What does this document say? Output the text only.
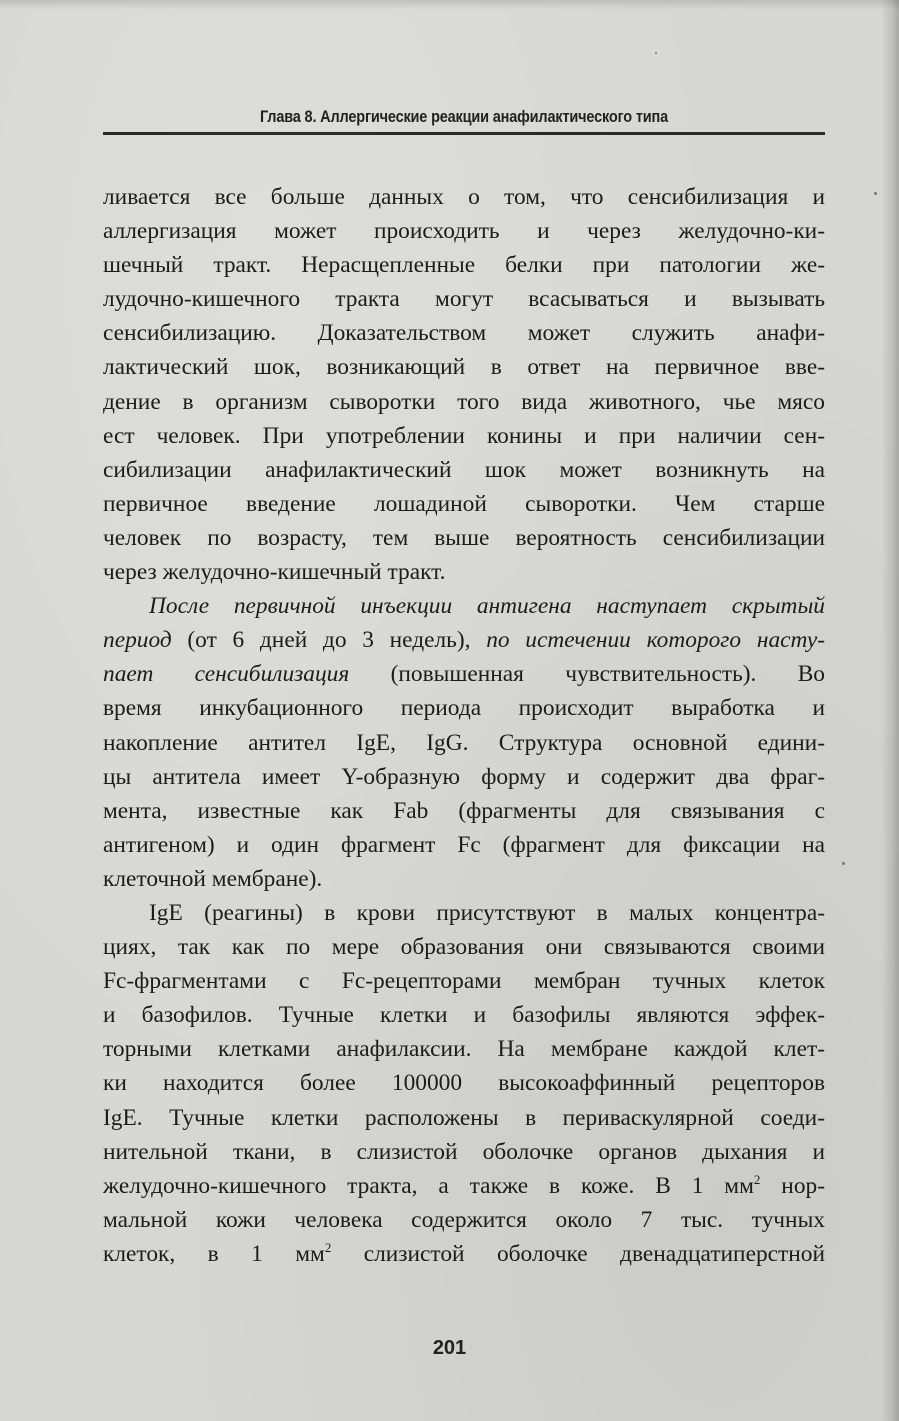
Глава 8. Аллергические реакции анафилактического типа
ливается все больше данных о том, что сенсибилизация и
аллергизация может происходить и через желудочно-ки-
шечный тракт. Нерасщепленные белки при патологии же-
лудочно-кишечного тракта могут всасываться и вызывать
сенсибилизацию. Доказательством может служить анафи-
лактический шок, возникающий в ответ на первичное вве-
дение в организм сыворотки того вида животного, чье мясо
ест человек. При употреблении конины и при наличии сен-
сибилизации анафилактический шок может возникнуть на
первичное введение лошадиной сыворотки. Чем старше
человек по возрасту, тем выше вероятность сенсибилизации
через желудочно-кишечный тракт.
После первичной инъекции антигена наступает скрытый
период (от 6 дней до 3 недель), по истечении которого насту-
пает сенсибилизация (повышенная чувствительность). Во
время инкубационного периода происходит выработка и
накопление антител IgE, IgG. Структура основной едини-
цы антитела имеет Y-образную форму и содержит два фраг-
мента, известные как Fab (фрагменты для связывания с
антигеном) и один фрагмент Fc (фрагмент для фиксации на
клеточной мембране).
IgE (реагины) в крови присутствуют в малых концентра-
циях, так как по мере образования они связываются своими
Fc-фрагментами с Fc-рецепторами мембран тучных клеток
и базофилов. Тучные клетки и базофилы являются эффек-
торными клетками анафилаксии. На мембране каждой клет-
ки находится более 100000 высокоаффинный рецепторов
IgE. Тучные клетки расположены в периваскулярной соеди-
нительной ткани, в слизистой оболочке органов дыхания и
желудочно-кишечного тракта, а также в коже. В 1 $мм^2$ нор-
мальной кожи человека содержится около 7 тыс. тучных
клеток, в 1 $мм^2$ слизистой оболочке двенадцатиперстной
201
